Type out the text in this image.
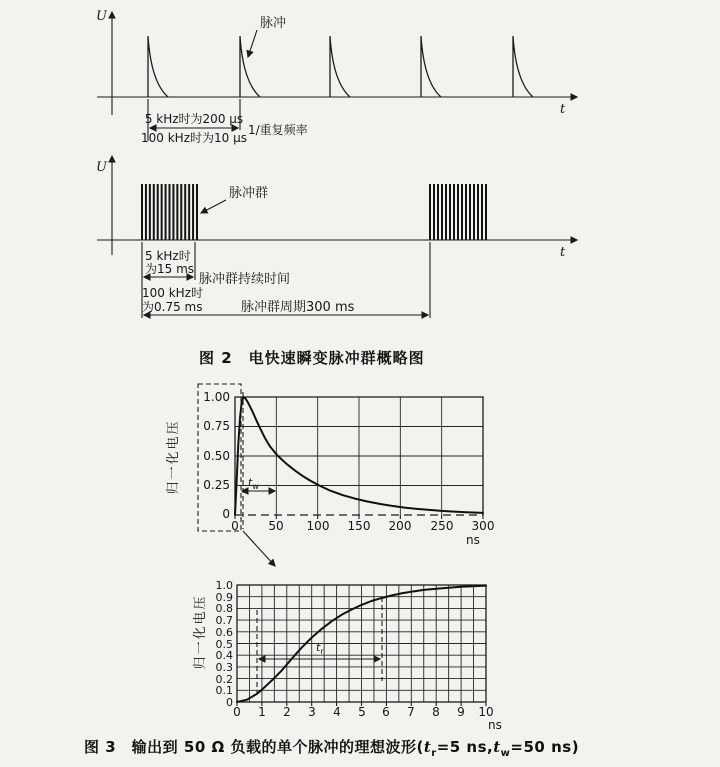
U
t
脉冲
5 kHz时为200 μs
100 kHz时为10 μs
1/重复频率
U
t
脉冲群
5 kHz时
为15 ms
脉冲群持续时间
100 kHz时
为0.75 ms	脉冲群周期300 ms
tw
1.00
0.75
0.50
0.25
0
0 50 100 150 200 250 300
ns
归一化电压
tr
1.0
0.9
0.8
0.7
0.6
0.5
0.4
0.3
0.2
0.1
0
0 1 2 3 4 5 6 7 8 9 10
ns
归一化电压
图 2　电快速瞬变脉冲群概略图
图 3　输出到 50 Ω 负载的单个脉冲的理想波形($t_r=5$ $ns,t_w=50$ ns)
